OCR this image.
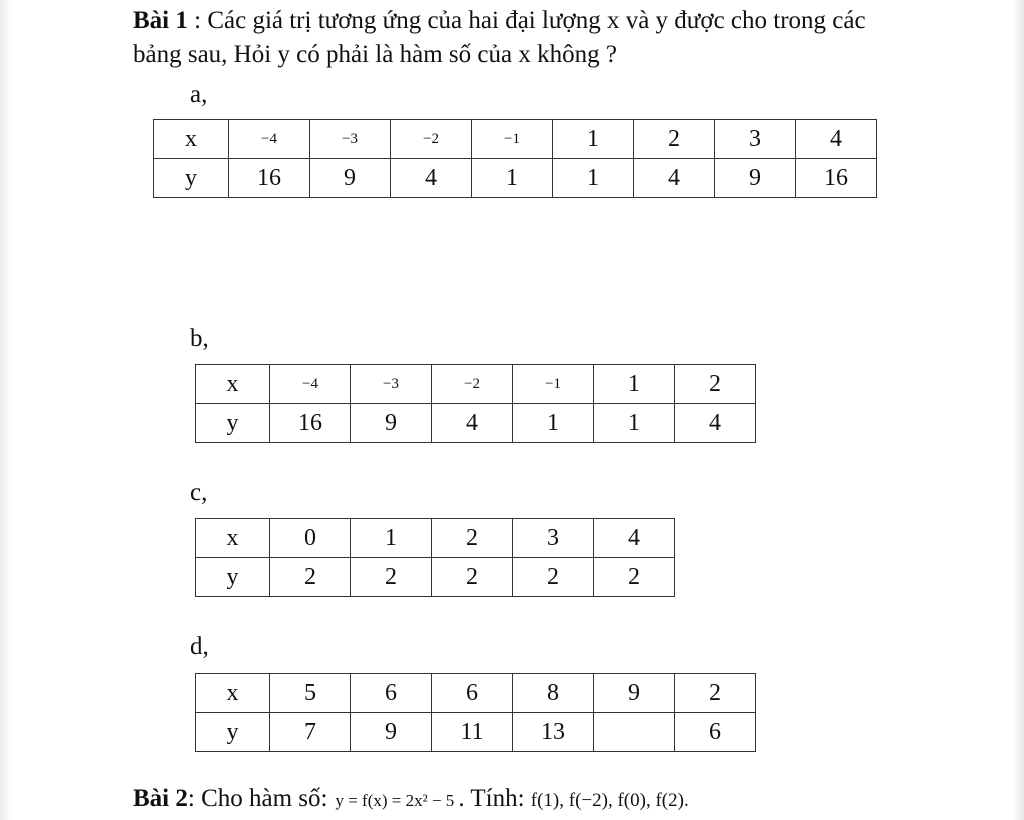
Bài 1 : Các giá trị tương ứng của hai đại lượng x và y được cho trong các bảng sau, Hỏi y có phải là hàm số của x không ?
a,
x	−4	−3	−2	−1	1	2	3	4
y	16	9	4	1	1	4	9	16
b,
x	−4	−3	−2	−1	1	2
y	16	9	4	1	1	4
c,
x	0	1	2	3	4
y	2	2	2	2	2
d,
x	5	6	6	8	9	2
y	7	9	11	13		6
Bài 2: Cho hàm số: y = f(x) = 2x² − 5 . Tính: f(1), f(−2), f(0), f(2).
